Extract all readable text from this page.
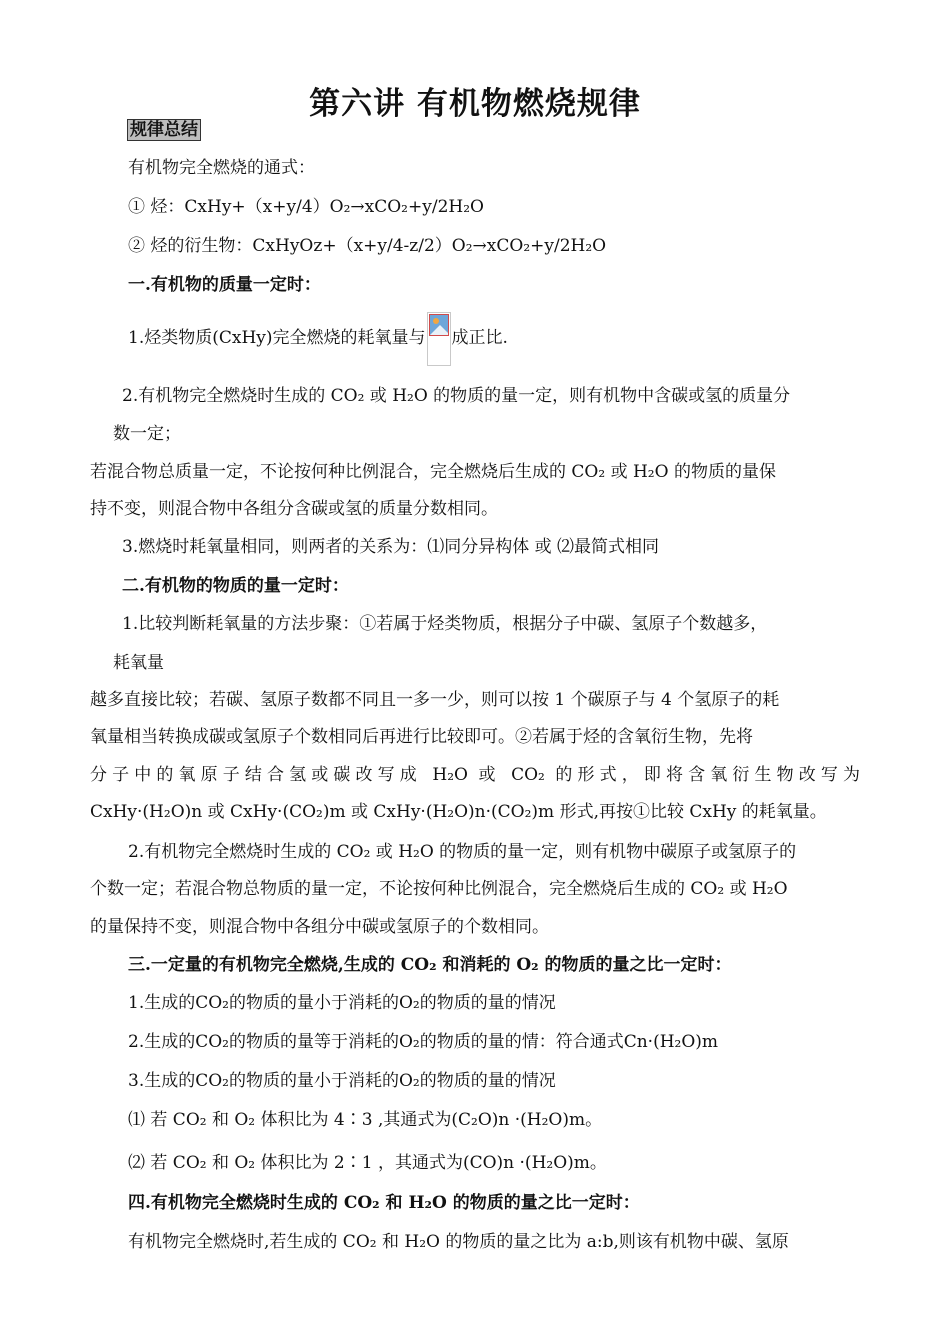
第六讲 有机物燃烧规律
规律总结
有机物完全燃烧的通式：
① 烃：CxHy+（x+y/4）O₂→xCO₂+y/2H₂O
② 烃的衍生物：CxHyOz+（x+y/4-z/2）O₂→xCO₂+y/2H₂O
一.有机物的质量一定时：
1.烃类物质(CxHy)完全燃烧的耗氧量与 成正比.
2.有机物完全燃烧时生成的 CO₂ 或 H₂O 的物质的量一定，则有机物中含碳或氢的质量分
数一定；
若混合物总质量一定，不论按何种比例混合，完全燃烧后生成的 CO₂ 或 H₂O 的物质的量保
持不变，则混合物中各组分含碳或氢的质量分数相同。
3.燃烧时耗氧量相同，则两者的关系为：⑴同分异构体 或 ⑵最简式相同
二.有机物的物质的量一定时：
1.比较判断耗氧量的方法步聚：①若属于烃类物质，根据分子中碳、氢原子个数越多，
耗氧量
越多直接比较；若碳、氢原子数都不同且一多一少，则可以按 1 个碳原子与 4 个氢原子的耗
氧量相当转换成碳或氢原子个数相同后再进行比较即可。②若属于烃的含氧衍生物，先将
分子中的氧原子结合氢或碳改写成 H₂O 或 CO₂ 的形式，即将含氧衍生物改写为
CxHy·(H₂O)n 或 CxHy·(CO₂)m 或 CxHy·(H₂O)n·(CO₂)m 形式,再按①比较 CxHy 的耗氧量。
2.有机物完全燃烧时生成的 CO₂ 或 H₂O 的物质的量一定，则有机物中碳原子或氢原子的
个数一定；若混合物总物质的量一定，不论按何种比例混合，完全燃烧后生成的 CO₂ 或 H₂O
的量保持不变，则混合物中各组分中碳或氢原子的个数相同。
三.一定量的有机物完全燃烧,生成的 CO₂ 和消耗的 O₂ 的物质的量之比一定时：
1.生成的CO₂的物质的量小于消耗的O₂的物质的量的情况
2.生成的CO₂的物质的量等于消耗的O₂的物质的量的情：符合通式Cn·(H₂O)m
3.生成的CO₂的物质的量小于消耗的O₂的物质的量的情况
⑴ 若 CO₂ 和 O₂ 体积比为 4∶3 ,其通式为(C₂O)n ·(H₂O)m。
⑵ 若 CO₂ 和 O₂ 体积比为 2∶1 ，其通式为(CO)n ·(H₂O)m。
四.有机物完全燃烧时生成的 CO₂ 和 H₂O 的物质的量之比一定时：
有机物完全燃烧时,若生成的 CO₂ 和 H₂O 的物质的量之比为 a:b,则该有机物中碳、氢原
